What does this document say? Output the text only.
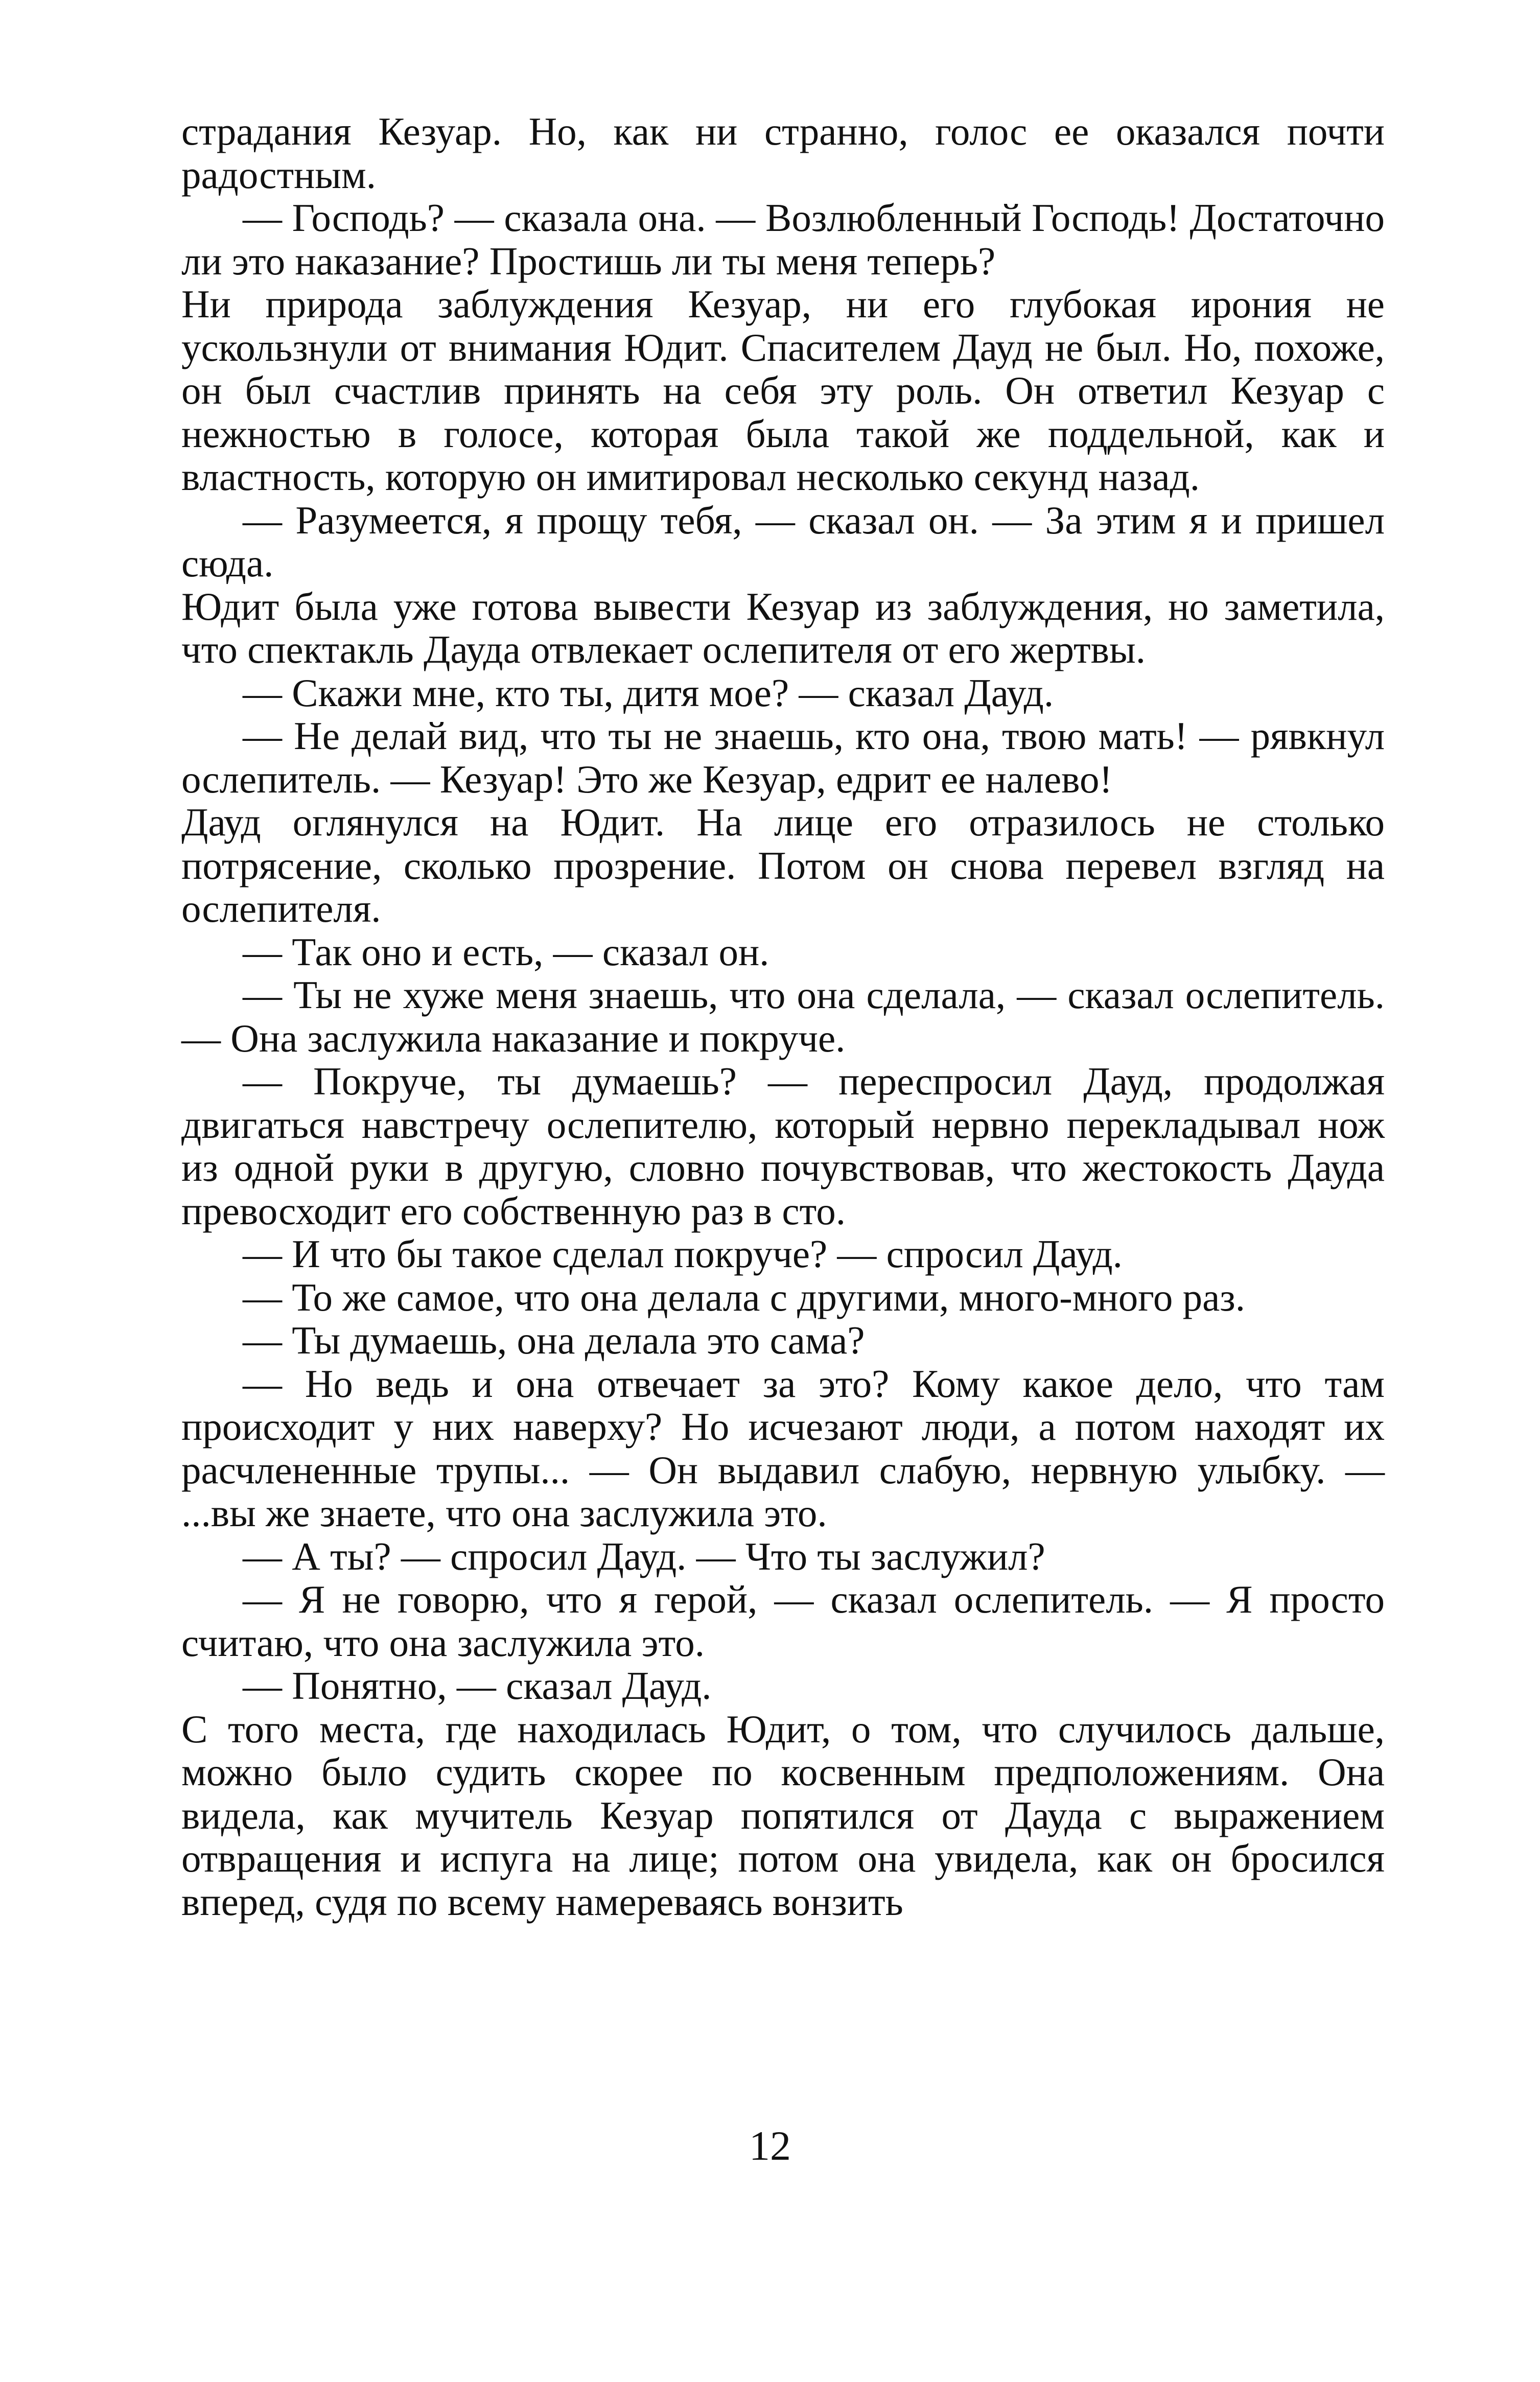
страдания Кезуар. Но, как ни странно, голос ее оказался почти радостным.

— Господь? — сказала она. — Возлюбленный Господь! Достаточно ли это наказание? Простишь ли ты меня теперь?

Ни природа заблуждения Кезуар, ни его глубокая ирония не ускользнули от внимания Юдит. Спасителем Дауд не был. Но, похоже, он был счастлив принять на себя эту роль. Он ответил Кезуар с нежностью в голосе, которая была такой же поддельной, как и властность, которую он имитировал несколько секунд назад.

— Разумеется, я прощу тебя, — сказал он. — За этим я и пришел сюда.

Юдит была уже готова вывести Кезуар из заблуждения, но заметила, что спектакль Дауда отвлекает ослепителя от его жертвы.

— Скажи мне, кто ты, дитя мое? — сказал Дауд.

— Не делай вид, что ты не знаешь, кто она, твою мать! — рявкнул ослепитель. — Кезуар! Это же Кезуар, едрит ее налево!

Дауд оглянулся на Юдит. На лице его отразилось не столько потрясение, сколько прозрение. Потом он снова перевел взгляд на ослепителя.

— Так оно и есть, — сказал он.

— Ты не хуже меня знаешь, что она сделала, — сказал ослепитель. — Она заслужила наказание и покруче.

— Покруче, ты думаешь? — переспросил Дауд, продолжая двигаться навстречу ослепителю, который нервно перекладывал нож из одной руки в другую, словно почувствовав, что жестокость Дауда превосходит его собственную раз в сто.

— И что бы такое сделал покруче? — спросил Дауд.

— То же самое, что она делала с другими, много-много раз.

— Ты думаешь, она делала это сама?

— Но ведь и она отвечает за это? Кому какое дело, что там происходит у них наверху? Но исчезают люди, а потом находят их расчлененные трупы... — Он выдавил слабую, нервную улыбку. — ...вы же знаете, что она заслужила это.

— А ты? — спросил Дауд. — Что ты заслужил?

— Я не говорю, что я герой, — сказал ослепитель. — Я просто считаю, что она заслужила это.

— Понятно, — сказал Дауд.

С того места, где находилась Юдит, о том, что случилось дальше, можно было судить скорее по косвенным предположениям. Она видела, как мучитель Кезуар попятился от Дауда с выражением отвращения и испуга на лице; потом она увидела, как он бросился вперед, судя по всему намереваясь вонзить

12
